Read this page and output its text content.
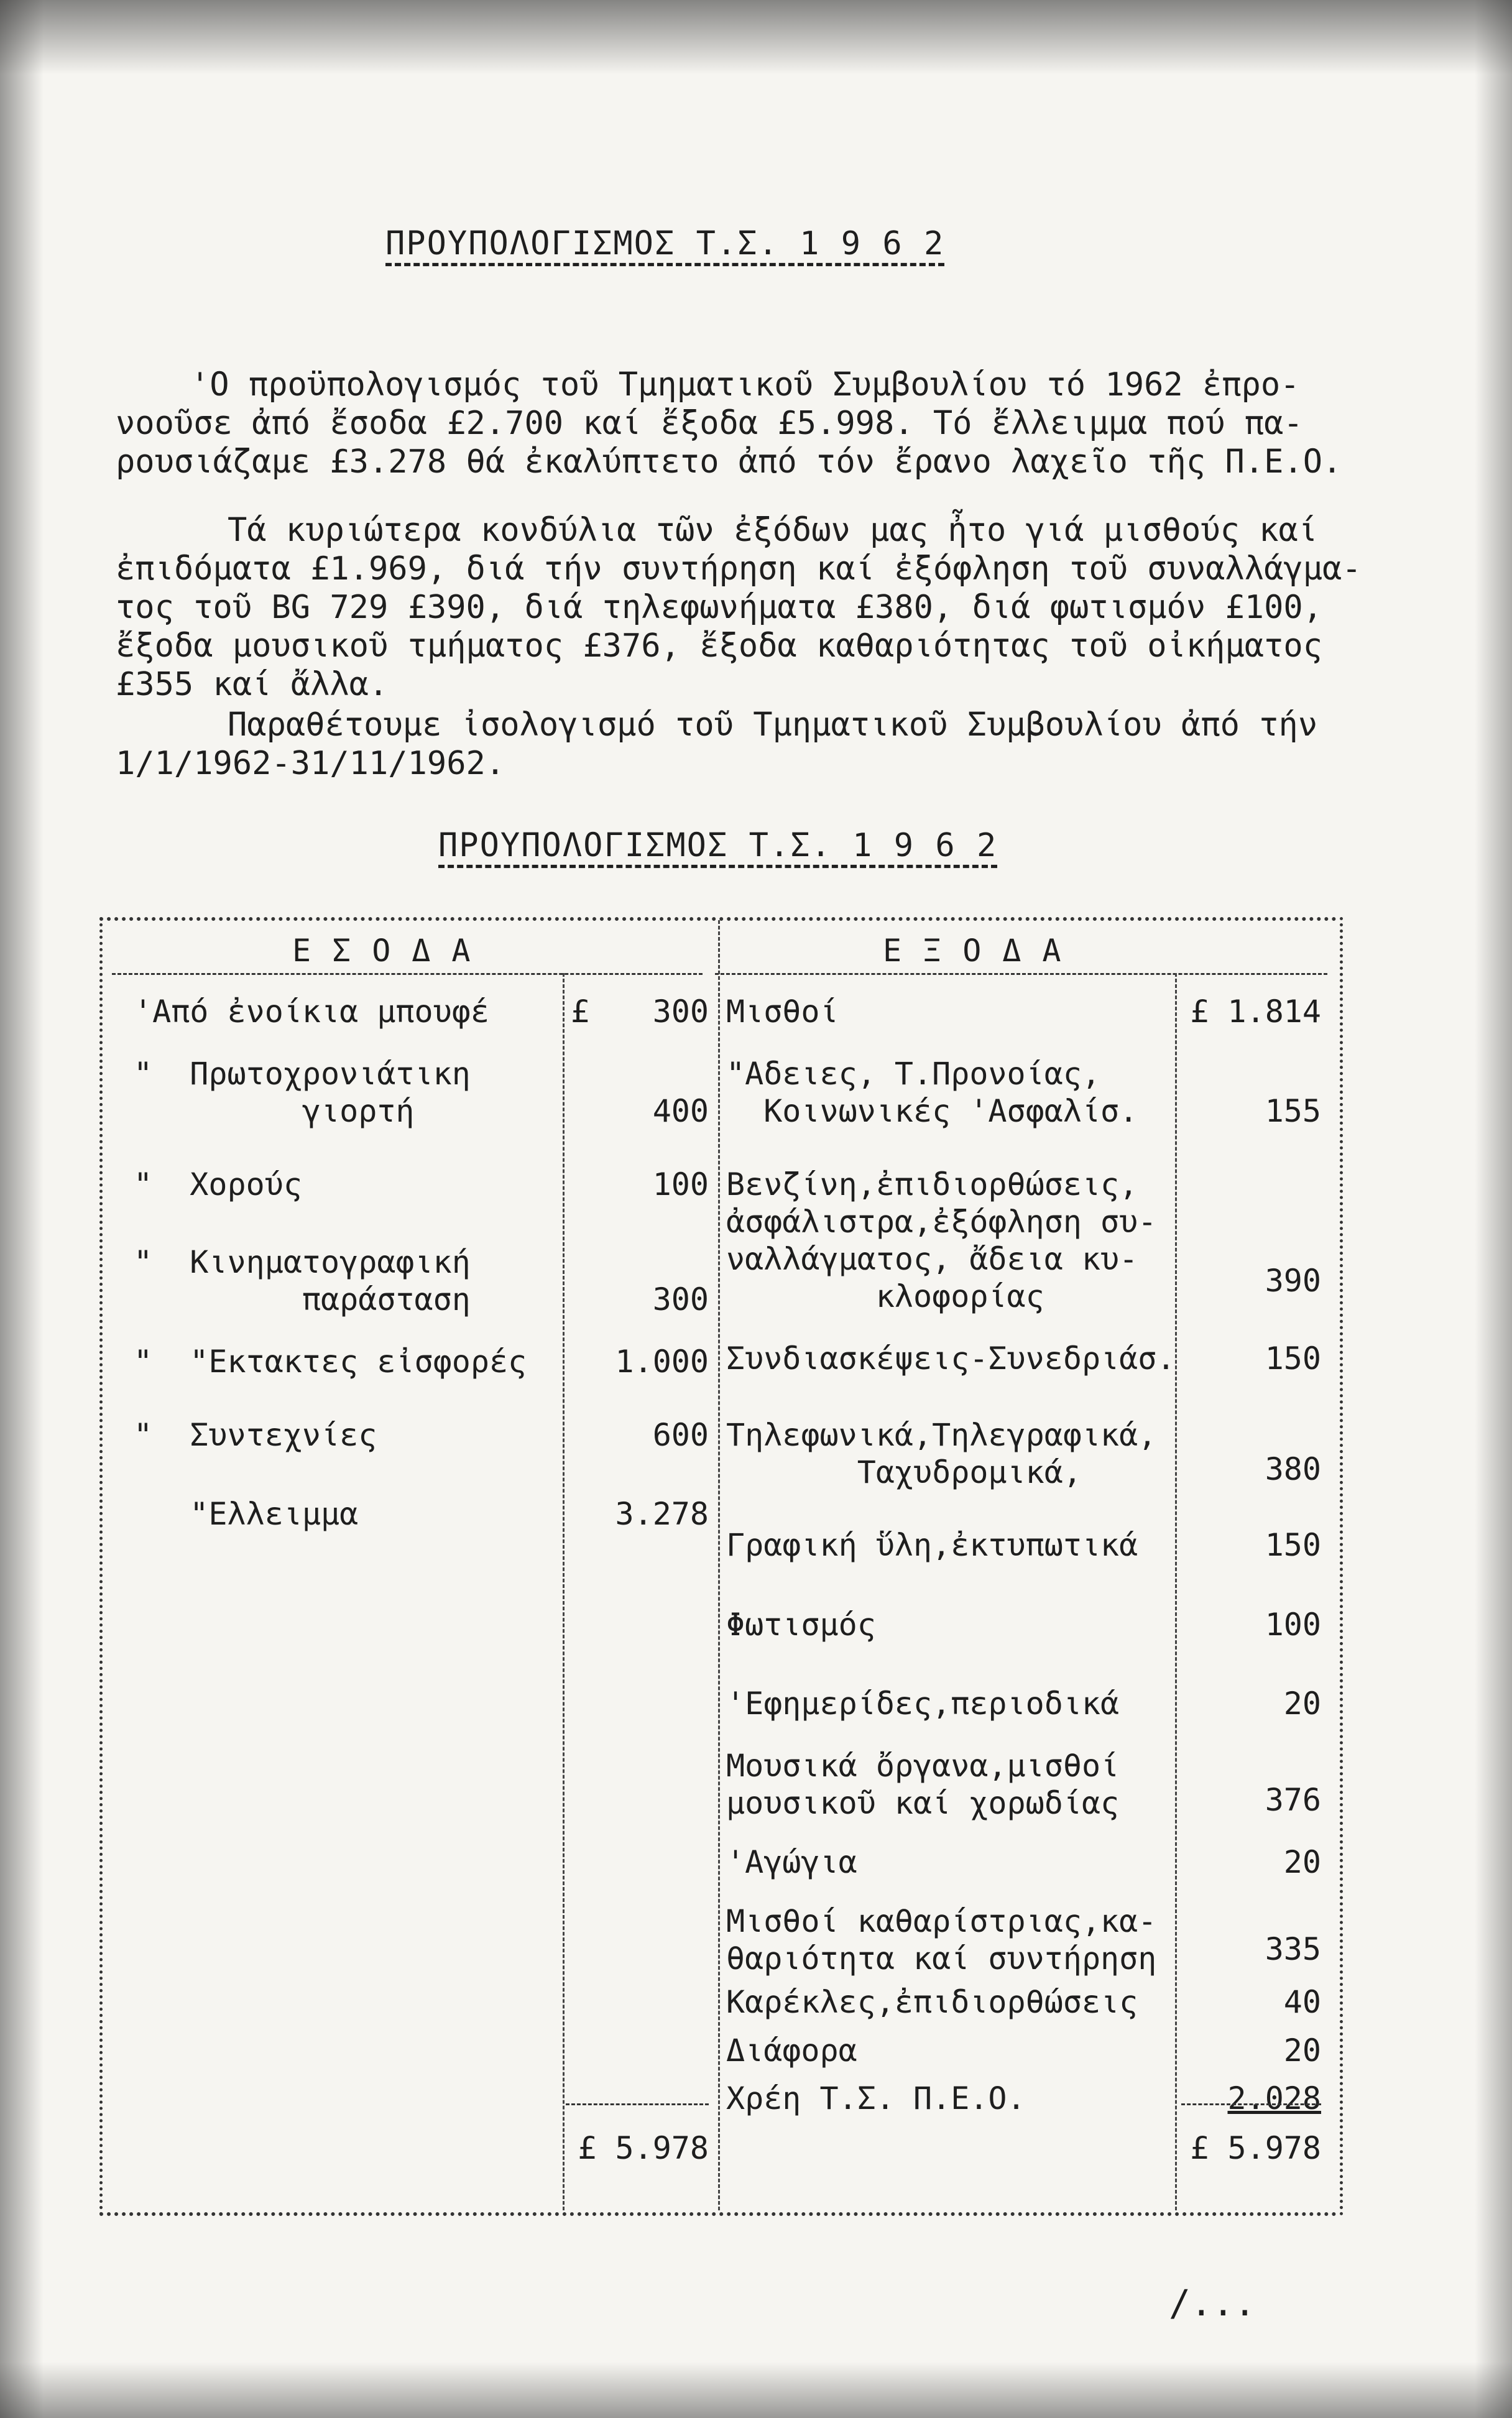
ΠΡΟΥΠΟΛΟΓΙΣΜΟΣ Τ.Σ. 1 9 6 2
'Ο προϋπολογισμός τοῦ Τμηματικοῦ Συμβουλίου τό 1962 ἐπρο-
νοοῦσε ἀπό ἔσοδα £2.700 καί ἔξοδα £5.998. Τό ἔλλειμμα πού πα-
ρουσιάζαμε £3.278 θά ἐκαλύπτετο ἀπό τόν ἔρανο λαχεῖο τῆς Π.Ε.Ο.
Τά κυριώτερα κονδύλια τῶν ἐξόδων μας ἦτο γιά μισθούς καί
ἐπιδόματα £1.969, διά τήν συντήρηση καί ἐξόφληση τοῦ συναλλάγμα-
τος τοῦ BG 729 £390, διά τηλεφωνήματα £380, διά φωτισμόν £100,
ἔξοδα μουσικοῦ τμήματος £376, ἔξοδα καθαριότητας τοῦ οἰκήματος
£355 καί ἄλλα.
Παραθέτουμε ἰσολογισμό τοῦ Τμηματικοῦ Συμβουλίου ἀπό τήν
1/1/1962-31/11/1962.
ΠΡΟΥΠΟΛΟΓΙΣΜΟΣ Τ.Σ. 1 9 6 2
ΕΣΟΔΑ	ΕΞΟΔΑ
£
'Από ἐνοίκια μπουφέ	300
"  Πρωτοχρονιάτικη
γιορτή	400
"  Χορούς	100
"  Κινηματογραφική
παράσταση	300
"  "Εκτακτες εἰσφορές	1.000
"  Συντεχνίες	600
"Ελλειμμα	3.278
£ 5.978
Μισθοί	£ 1.814
"Αδειες, Τ.Προνοίας,
Κοινωνικές 'Ασφαλίσ.	155
Βενζίνη,ἐπιδιορθώσεις,
ἀσφάλιστρα,ἐξόφληση συ-
ναλλάγματος, ἄδεια κυ-
κλοφορίας	390
Συνδιασκέψεις-Συνεδριάσ.	150
Τηλεφωνικά,Τηλεγραφικά,
Ταχυδρομικά,	380
Γραφική ὕλη,ἐκτυπωτικά	150
Φωτισμός	100
'Εφημερίδες,περιοδικά	20
Μουσικά ὄργανα,μισθοί
μουσικοῦ καί χορωδίας	376
'Αγώγια	20
Μισθοί καθαρίστριας,κα-
θαριότητα καί συντήρηση	335
Καρέκλες,ἐπιδιορθώσεις	40
Διάφορα	20
Χρέη Τ.Σ. Π.Ε.Ο.	2.028
£ 5.978
/...
